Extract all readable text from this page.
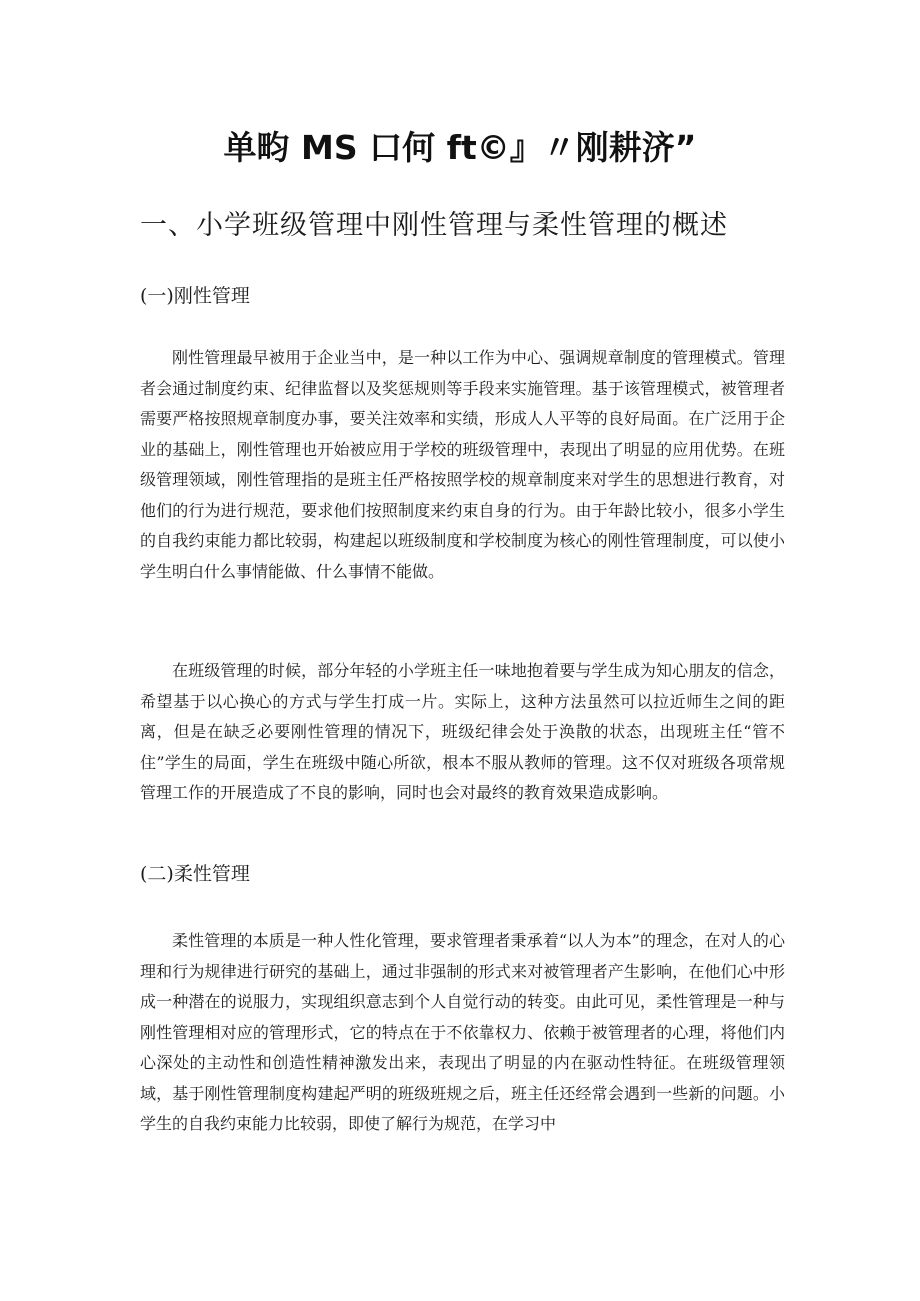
单畇 MS 口何 ft©』〃刚耕济”
一、小学班级管理中刚性管理与柔性管理的概述
(一)刚性管理

刚性管理最早被用于企业当中，是一种以工作为中心、强调规章制度的管理模式。管理者会通过制度约束、纪律监督以及奖惩规则等手段来实施管理。基于该管理模式，被管理者需要严格按照规章制度办事，要关注效率和实绩，形成人人平等的良好局面。在广泛用于企业的基础上，刚性管理也开始被应用于学校的班级管理中，表现出了明显的应用优势。在班级管理领域，刚性管理指的是班主任严格按照学校的规章制度来对学生的思想进行教育，对他们的行为进行规范，要求他们按照制度来约束自身的行为。由于年龄比较小，很多小学生的自我约束能力都比较弱，构建起以班级制度和学校制度为核心的刚性管理制度，可以使小学生明白什么事情能做、什么事情不能做。

在班级管理的时候，部分年轻的小学班主任一味地抱着要与学生成为知心朋友的信念，希望基于以心换心的方式与学生打成一片。实际上，这种方法虽然可以拉近师生之间的距离，但是在缺乏必要刚性管理的情况下，班级纪律会处于涣散的状态，出现班主任“管不住”学生的局面，学生在班级中随心所欲，根本不服从教师的管理。这不仅对班级各项常规管理工作的开展造成了不良的影响，同时也会对最终的教育效果造成影响。

(二)柔性管理

柔性管理的本质是一种人性化管理，要求管理者秉承着“以人为本”的理念，在对人的心理和行为规律进行研究的基础上，通过非强制的形式来对被管理者产生影响，在他们心中形成一种潜在的说服力，实现组织意志到个人自觉行动的转变。由此可见，柔性管理是一种与刚性管理相对应的管理形式，它的特点在于不依靠权力、依赖于被管理者的心理，将他们内心深处的主动性和创造性精神激发出来，表现出了明显的内在驱动性特征。在班级管理领域，基于刚性管理制度构建起严明的班级班规之后，班主任还经常会遇到一些新的问题。小学生的自我约束能力比较弱，即使了解行为规范，在学习中
